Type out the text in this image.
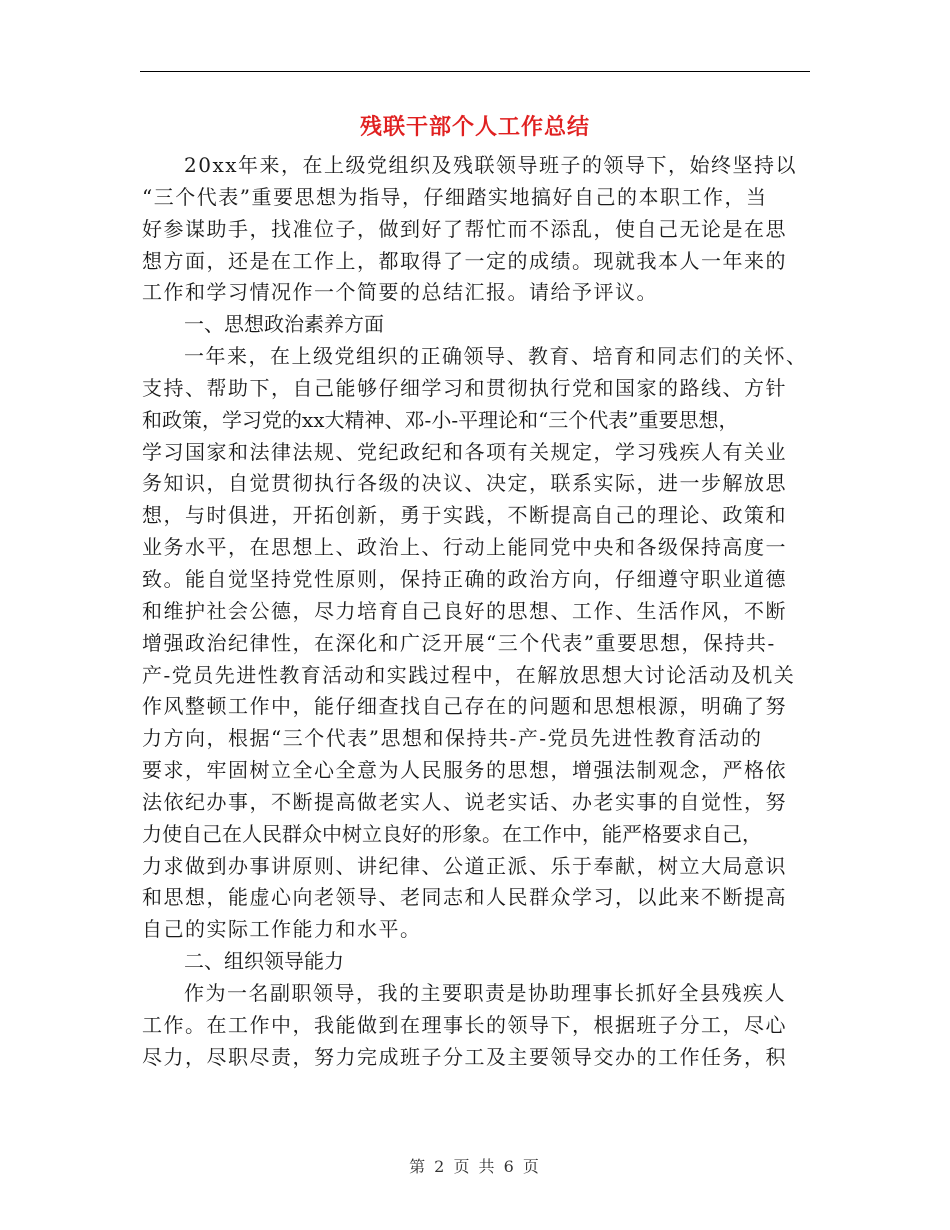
残联干部个人工作总结
20xx年来，在上级党组织及残联领导班子的领导下，始终坚持以
“三个代表”重要思想为指导，仔细踏实地搞好自己的本职工作，当
好参谋助手，找准位子，做到好了帮忙而不添乱，使自己无论是在思
想方面，还是在工作上，都取得了一定的成绩。现就我本人一年来的
工作和学习情况作一个简要的总结汇报。请给予评议。
一、思想政治素养方面
一年来，在上级党组织的正确领导、教育、培育和同志们的关怀、
支持、帮助下，自己能够仔细学习和贯彻执行党和国家的路线、方针
和政策，学习党的xx大精神、邓-小-平理论和“三个代表”重要思想，
学习国家和法律法规、党纪政纪和各项有关规定，学习残疾人有关业
务知识，自觉贯彻执行各级的决议、决定，联系实际，进一步解放思
想，与时俱进，开拓创新，勇于实践，不断提高自己的理论、政策和
业务水平，在思想上、政治上、行动上能同党中央和各级保持高度一
致。能自觉坚持党性原则，保持正确的政治方向，仔细遵守职业道德
和维护社会公德，尽力培育自己良好的思想、工作、生活作风，不断
增强政治纪律性，在深化和广泛开展“三个代表”重要思想，保持共-
产-党员先进性教育活动和实践过程中，在解放思想大讨论活动及机关
作风整顿工作中，能仔细查找自己存在的问题和思想根源，明确了努
力方向，根据“三个代表”思想和保持共-产-党员先进性教育活动的
要求，牢固树立全心全意为人民服务的思想，增强法制观念，严格依
法依纪办事，不断提高做老实人、说老实话、办老实事的自觉性，努
力使自己在人民群众中树立良好的形象。在工作中，能严格要求自己，
力求做到办事讲原则、讲纪律、公道正派、乐于奉献，树立大局意识
和思想，能虚心向老领导、老同志和人民群众学习，以此来不断提高
自己的实际工作能力和水平。
二、组织领导能力
作为一名副职领导，我的主要职责是协助理事长抓好全县残疾人
工作。在工作中，我能做到在理事长的领导下，根据班子分工，尽心
尽力，尽职尽责，努力完成班子分工及主要领导交办的工作任务，积
第 2 页 共 6 页
